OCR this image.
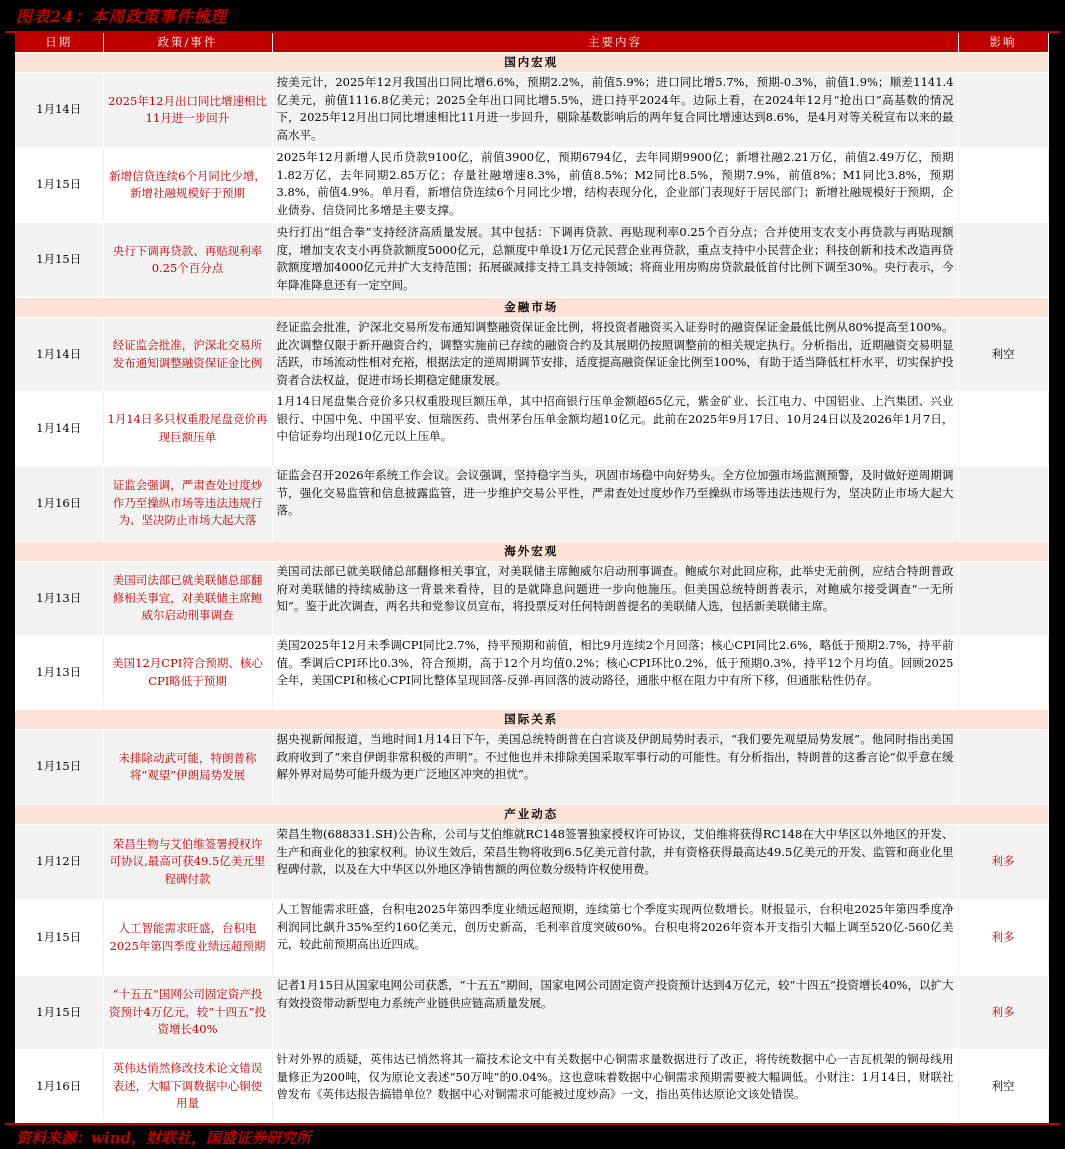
图表24：本周政策事件梳理
日期	政策/事件	主要内容	影响
国内宏观			
1月14日	2025年12月出口同比增速相比11月进一步回升	按美元计，2025年12月我国出口同比增6.6%，预期2.2%，前值5.9%；进口同比增5.7%，预期-0.3%，前值1.9%；顺差1141.4亿美元，前值1116.8亿美元；2025全年出口同比增5.5%，进口持平2024年。边际上看，在2024年12月“抢出口”高基数的情况下，2025年12月出口同比增速相比11月进一步回升，剔除基数影响后的两年复合同比增速达到8.6%，是4月对等关税宣布以来的最高水平。	
1月15日	新增信贷连续6个月同比少增，新增社融规模好于预期	2025年12月新增人民币贷款9100亿，前值3900亿，预期6794亿，去年同期9900亿；新增社融2.21万亿，前值2.49万亿，预期1.82万亿，去年同期2.85万亿；存量社融增速8.3%，前值8.5%；M2同比8.5%，预期7.9%，前值8%；M1同比3.8%，预期3.8%，前值4.9%。单月看，新增信贷连续6个月同比少增，结构表现分化，企业部门表现好于居民部门；新增社融规模好于预期，企业债券、信贷同比多增是主要支撑。	
1月15日	央行下调再贷款、再贴现利率0.25个百分点	央行打出“组合拳”支持经济高质量发展。其中包括：下调再贷款、再贴现利率0.25个百分点；合并使用支农支小再贷款与再贴现额度，增加支农支小再贷款额度5000亿元，总额度中单设1万亿元民营企业再贷款，重点支持中小民营企业；科技创新和技术改造再贷款额度增加4000亿元并扩大支持范围；拓展碳减排支持工具支持领域；将商业用房购房贷款最低首付比例下调至30%。央行表示，今年降准降息还有一定空间。	
金融市场			
1月14日	经证监会批准，沪深北交易所发布通知调整融资保证金比例	经证监会批准，沪深北交易所发布通知调整融资保证金比例，将投资者融资买入证券时的融资保证金最低比例从80%提高至100%。此次调整仅限于新开融资合约，调整实施前已存续的融资合约及其展期仍按照调整前的相关规定执行。分析指出，近期融资交易明显活跃，市场流动性相对充裕，根据法定的逆周期调节安排，适度提高融资保证金比例至100%，有助于适当降低杠杆水平，切实保护投资者合法权益，促进市场长期稳定健康发展。	利空
1月14日	1月14日多只权重股尾盘竞价再现巨额压单	1月14日尾盘集合竞价多只权重股现巨额压单，其中招商银行压单金额超65亿元，紫金矿业、长江电力、中国铝业、上汽集团、兴业银行、中国中免、中国平安、恒瑞医药、贵州茅台压单金额均超10亿元。此前在2025年9月17日、10月24日以及2026年1月7日，中信证券均出现10亿元以上压单。	
1月16日	证监会强调，严肃查处过度炒作乃至操纵市场等违法违规行为、坚决防止市场大起大落	证监会召开2026年系统工作会议。会议强调，坚持稳字当头，巩固市场稳中向好势头。全方位加强市场监测预警，及时做好逆周期调节，强化交易监管和信息披露监管，进一步维护交易公平性，严肃查处过度炒作乃至操纵市场等违法违规行为，坚决防止市场大起大落。	
海外宏观			
1月13日	美国司法部已就美联储总部翻修相关事宜，对美联储主席鲍威尔启动刑事调查	美国司法部已就美联储总部翻修相关事宜，对美联储主席鲍威尔启动刑事调查。鲍威尔对此回应称，此举史无前例，应结合特朗普政府对美联储的持续威胁这一背景来看待，目的是就降息问题进一步向他施压。但美国总统特朗普表示，对鲍威尔接受调查“一无所知”。鉴于此次调查，两名共和党参议员宣布，将投票反对任何特朗普提名的美联储人选，包括新美联储主席。	
1月13日	美国12月CPI符合预期、核心CPI略低于预期	美国2025年12月未季调CPI同比2.7%，持平预期和前值，相比9月连续2个月回落；核心CPI同比2.6%，略低于预期2.7%，持平前值。季调后CPI环比0.3%，符合预期，高于12个月均值0.2%；核心CPI环比0.2%，低于预期0.3%，持平12个月均值。回顾2025全年，美国CPI和核心CPI同比整体呈现回落-反弹-再回落的波动路径，通胀中枢在阻力中有所下移，但通胀粘性仍存。	
国际关系			
1月15日	未排除动武可能，特朗普称将“观望”伊朗局势发展	据央视新闻报道，当地时间1月14日下午，美国总统特朗普在白宫谈及伊朗局势时表示，“我们要先观望局势发展”。他同时指出美国政府收到了“来自伊朗非常积极的声明”。不过他也并未排除美国采取军事行动的可能性。有分析指出，特朗普的这番言论“似乎意在缓解外界对局势可能升级为更广泛地区冲突的担忧”。	
产业动态			
1月12日	荣昌生物与艾伯维签署授权许可协议,最高可获49.5亿美元里程碑付款	荣昌生物(688331.SH)公告称，公司与艾伯维就RC148签署独家授权许可协议，艾伯维将获得RC148在大中华区以外地区的开发、生产和商业化的独家权利。协议生效后，荣昌生物将收到6.5亿美元首付款，并有资格获得最高达49.5亿美元的开发、监管和商业化里程碑付款，以及在大中华区以外地区净销售额的两位数分级特许权使用费。	利多
1月15日	人工智能需求旺盛，台积电2025年第四季度业绩远超预期	人工智能需求旺盛，台积电2025年第四季度业绩远超预期，连续第七个季度实现两位数增长。财报显示，台积电2025年第四季度净利润同比飙升35%至约160亿美元，创历史新高，毛利率首度突破60%。台积电将2026年资本开支指引大幅上调至520亿-560亿美元，较此前预期高出近四成。	利多
1月15日	“十五五”国网公司固定资产投资预计4万亿元，较“十四五”投资增长40%	记者1月15日从国家电网公司获悉，“十五五”期间，国家电网公司固定资产投资预计达到4万亿元，较“十四五”投资增长40%，以扩大有效投资带动新型电力系统产业链供应链高质量发展。	利多
1月16日	英伟达悄然修改技术论文错误表述，大幅下调数据中心铜使用量	针对外界的质疑，英伟达已悄然将其一篇技术论文中有关数据中心铜需求量数据进行了改正，将传统数据中心一吉瓦机架的铜母线用量修正为200吨，仅为原论文表述“50万吨”的0.04%。这也意味着数据中心铜需求预期需要被大幅调低。小财注：1月14日，财联社曾发布《英伟达报告搞错单位？数据中心对铜需求可能被过度炒高》一文，指出英伟达原论文该处错误。	利空
资料来源：wind，财联社，国盛证券研究所
